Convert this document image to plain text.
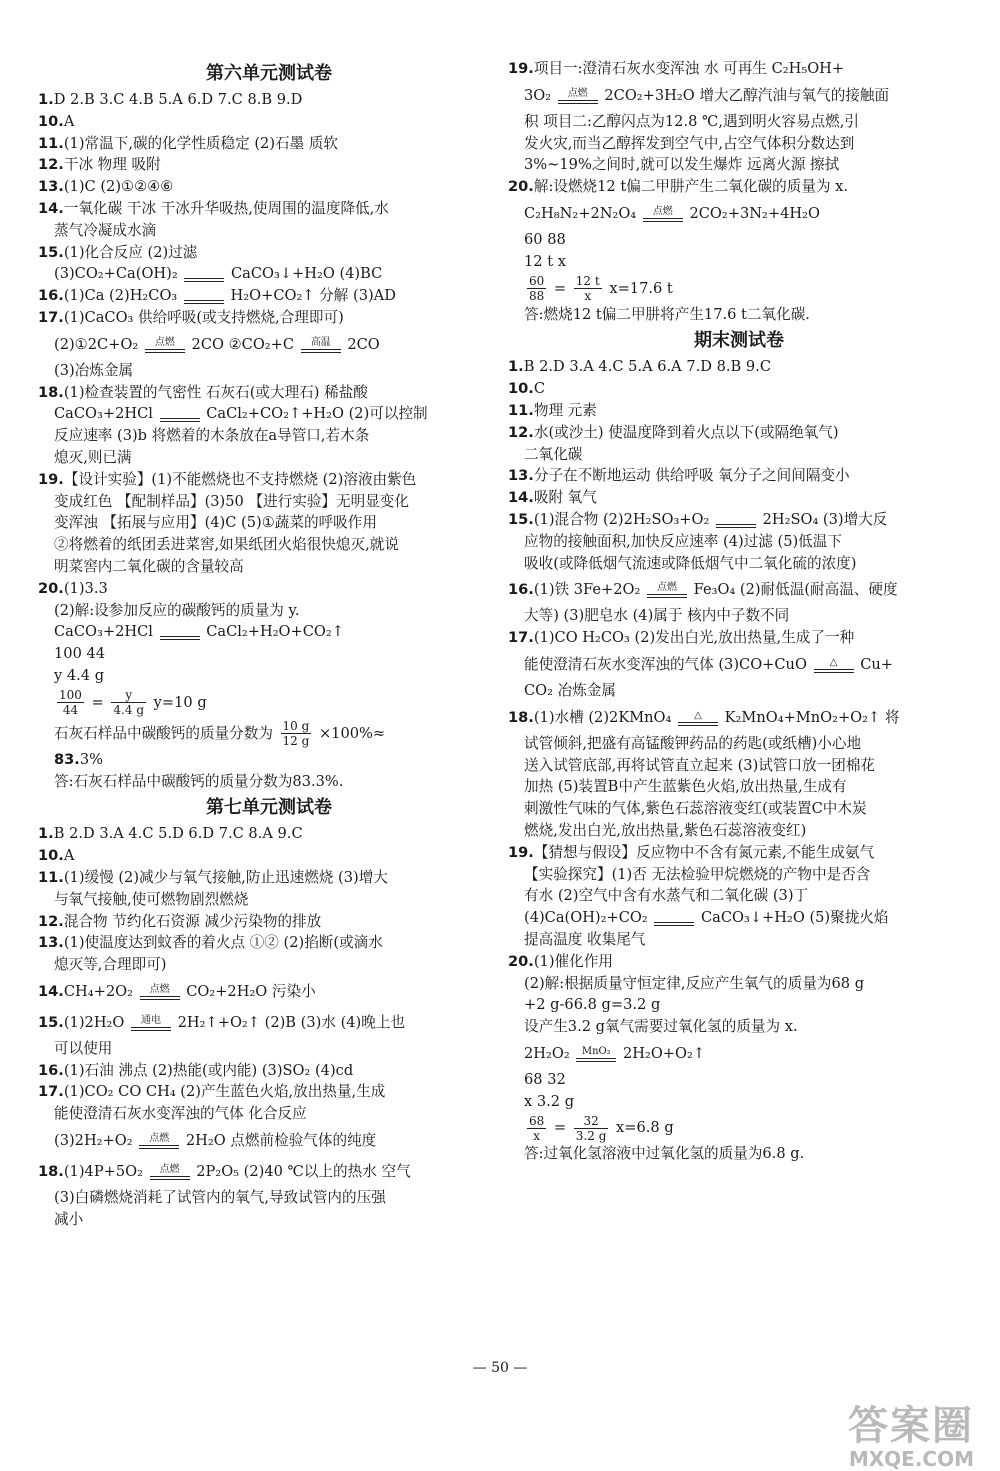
第六单元测试卷
1.D 2.B 3.C 4.B 5.A 6.D 7.C 8.B 9.D
10.A
11.(1)常温下,碳的化学性质稳定 (2)石墨 质软
12.干冰 物理 吸附
13.(1)C (2)①②④⑥
14.一氧化碳 干冰 干冰升华吸热,使周围的温度降低,水
蒸气冷凝成水滴
15.(1)化合反应 (2)过滤
(3)CO₂+Ca(OH)₂
	CaCO₃↓+H₂O (4)BC
16.(1)Ca (2)H₂CO₃
	H₂O+CO₂↑ 分解 (3)AD
17.(1)CaCO₃ 供给呼吸(或支持燃烧,合理即可)
(2)①2C+O₂	点燃 2CO ②CO₂+C	高温 2CO
(3)冶炼金属
18.(1)检查装置的气密性 石灰石(或大理石) 稀盐酸
CaCO₃+2HCl
	CaCl₂+CO₂↑+H₂O (2)可以控制
反应速率 (3)b 将燃着的木条放在a导管口,若木条
熄灭,则已满
19.【设计实验】(1)不能燃烧也不支持燃烧 (2)溶液由紫色
变成红色 【配制样品】(3)50 【进行实验】无明显变化
变浑浊 【拓展与应用】(4)C (5)①蔬菜的呼吸作用
②将燃着的纸团丢进菜窖,如果纸团火焰很快熄灭,就说
明菜窖内二氧化碳的含量较高
20.(1)3.3
(2)解:设参加反应的碳酸钙的质量为 y.
CaCO₃+2HCl
	CaCl₂+H₂O+CO₂↑
100 44
y 4.4 g
$\frac{100}{44} = \frac{y}{4.4 g} y=10$ g
石灰石样品中碳酸钙的质量分数为 $\frac{10 g}{12 g} \times 100\%\approx$
83.3%
答:石灰石样品中碳酸钙的质量分数为83.3%.
第七单元测试卷
1.B 2.D 3.A 4.C 5.D 6.D 7.C 8.A 9.C
10.A
11.(1)缓慢 (2)减少与氧气接触,防止迅速燃烧 (3)增大
与氧气接触,使可燃物剧烈燃烧
12.混合物 节约化石资源 减少污染物的排放
13.(1)使温度达到蚊香的着火点 ①② (2)掐断(或滴水
熄灭等,合理即可)
14.CH₄+2O₂	点燃 CO₂+2H₂O 污染小
15.(1)2H₂O	通电 2H₂↑+O₂↑ (2)B (3)水 (4)晚上也
可以使用
16.(1)石油 沸点 (2)热能(或内能) (3)SO₂ (4)cd
17.(1)CO₂ CO CH₄ (2)产生蓝色火焰,放出热量,生成
能使澄清石灰水变浑浊的气体 化合反应
(3)2H₂+O₂	点燃 2H₂O 点燃前检验气体的纯度
18.(1)4P+5O₂	点燃 2P₂O₅ (2)40 ℃以上的热水 空气
(3)白磷燃烧消耗了试管内的氧气,导致试管内的压强
减小
19.项目一:澄清石灰水变浑浊 水 可再生 C₂H₅OH+
3O₂	点燃 2CO₂+3H₂O 增大乙醇汽油与氧气的接触面
积 项目二:乙醇闪点为12.8 ℃,遇到明火容易点燃,引
发火灾,而当乙醇挥发到空气中,占空气体积分数达到
3%~19%之间时,就可以发生爆炸 远离火源 擦拭
20.解:设燃烧12 t偏二甲肼产生二氧化碳的质量为 x.
C₂H₈N₂+2N₂O₄	点燃 2CO₂+3N₂+4H₂O
60 88
12 t x
$\frac{60}{88} = \frac{12 t}{x} x=17.6$ t
答:燃烧12 t偏二甲肼将产生17.6 t二氧化碳.
期末测试卷
1.B 2.D 3.A 4.C 5.A 6.A 7.D 8.B 9.C
10.C
11.物理 元素
12.水(或沙土) 使温度降到着火点以下(或隔绝氧气)
二氧化碳
13.分子在不断地运动 供给呼吸 氧分子之间间隔变小
14.吸附 氧气
15.(1)混合物 (2)2H₂SO₃+O₂
	2H₂SO₄ (3)增大反
应物的接触面积,加快反应速率 (4)过滤 (5)低温下
吸收(或降低烟气流速或降低烟气中二氧化硫的浓度)
16.(1)铁 3Fe+2O₂	点燃 Fe₃O₄ (2)耐低温(耐高温、硬度
大等) (3)肥皂水 (4)属于 核内中子数不同
17.(1)CO H₂CO₃ (2)发出白光,放出热量,生成了一种
能使澄清石灰水变浑浊的气体 (3)CO+CuO	△	Cu+
CO₂ 冶炼金属
18.(1)水槽 (2)2KMnO₄	△	K₂MnO₄+MnO₂+O₂↑ 将
试管倾斜,把盛有高锰酸钾药品的药匙(或纸槽)小心地
送入试管底部,再将试管直立起来 (3)试管口放一团棉花
加热 (5)装置B中产生蓝紫色火焰,放出热量,生成有
刺激性气味的气体,紫色石蕊溶液变红(或装置C中木炭
燃烧,发出白光,放出热量,紫色石蕊溶液变红)
19.【猜想与假设】反应物中不含有氮元素,不能生成氨气
【实验探究】(1)否 无法检验甲烷燃烧的产物中是否含
有水 (2)空气中含有水蒸气和二氧化碳 (3)丁
(4)Ca(OH)₂+CO₂
	CaCO₃↓+H₂O (5)聚拢火焰
提高温度 收集尾气
20.(1)催化作用
(2)解:根据质量守恒定律,反应产生氧气的质量为68 g
+2 g-66.8 g=3.2 g
设产生3.2 g氧气需要过氧化氢的质量为 x.
2H₂O₂ MnO₂ 2H₂O+O₂↑
68 32
x 3.2 g
$\frac{68}{x} = \frac{32}{3.2 g} x=6.8$ g
答:过氧化氢溶液中过氧化氢的质量为6.8 g.
— 50 —
答案圈
MXQE.COM
